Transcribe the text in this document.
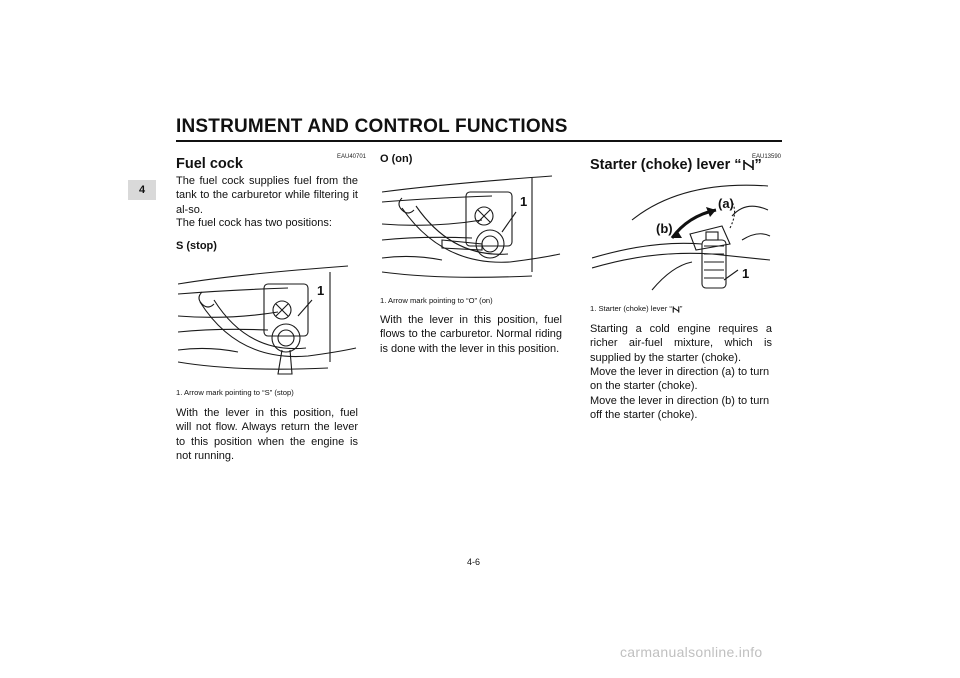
INSTRUMENT AND CONTROL FUNCTIONS
4
EAU40701
Fuel cock
The fuel cock supplies fuel from the tank to the carburetor while filtering it al-so.
The fuel cock has two positions:
S (stop)
1
1. Arrow mark pointing to “S” (stop)
With the lever in this position, fuel will not flow. Always return the lever to this position when the engine is not running.
O (on)
1
1. Arrow mark pointing to “O” (on)
With the lever in this position, fuel flows to the carburetor. Normal riding is done with the lever in this position.
EAU13590
Starter (choke) lever “ ”
(a)
(b)
1
1. Starter (choke) lever “ ”
Starting a cold engine requires a richer air-fuel mixture, which is supplied by the starter (choke).
Move the lever in direction (a) to turn on the starter (choke).
Move the lever in direction (b) to turn off the starter (choke).
4-6
carmanualsonline.info
